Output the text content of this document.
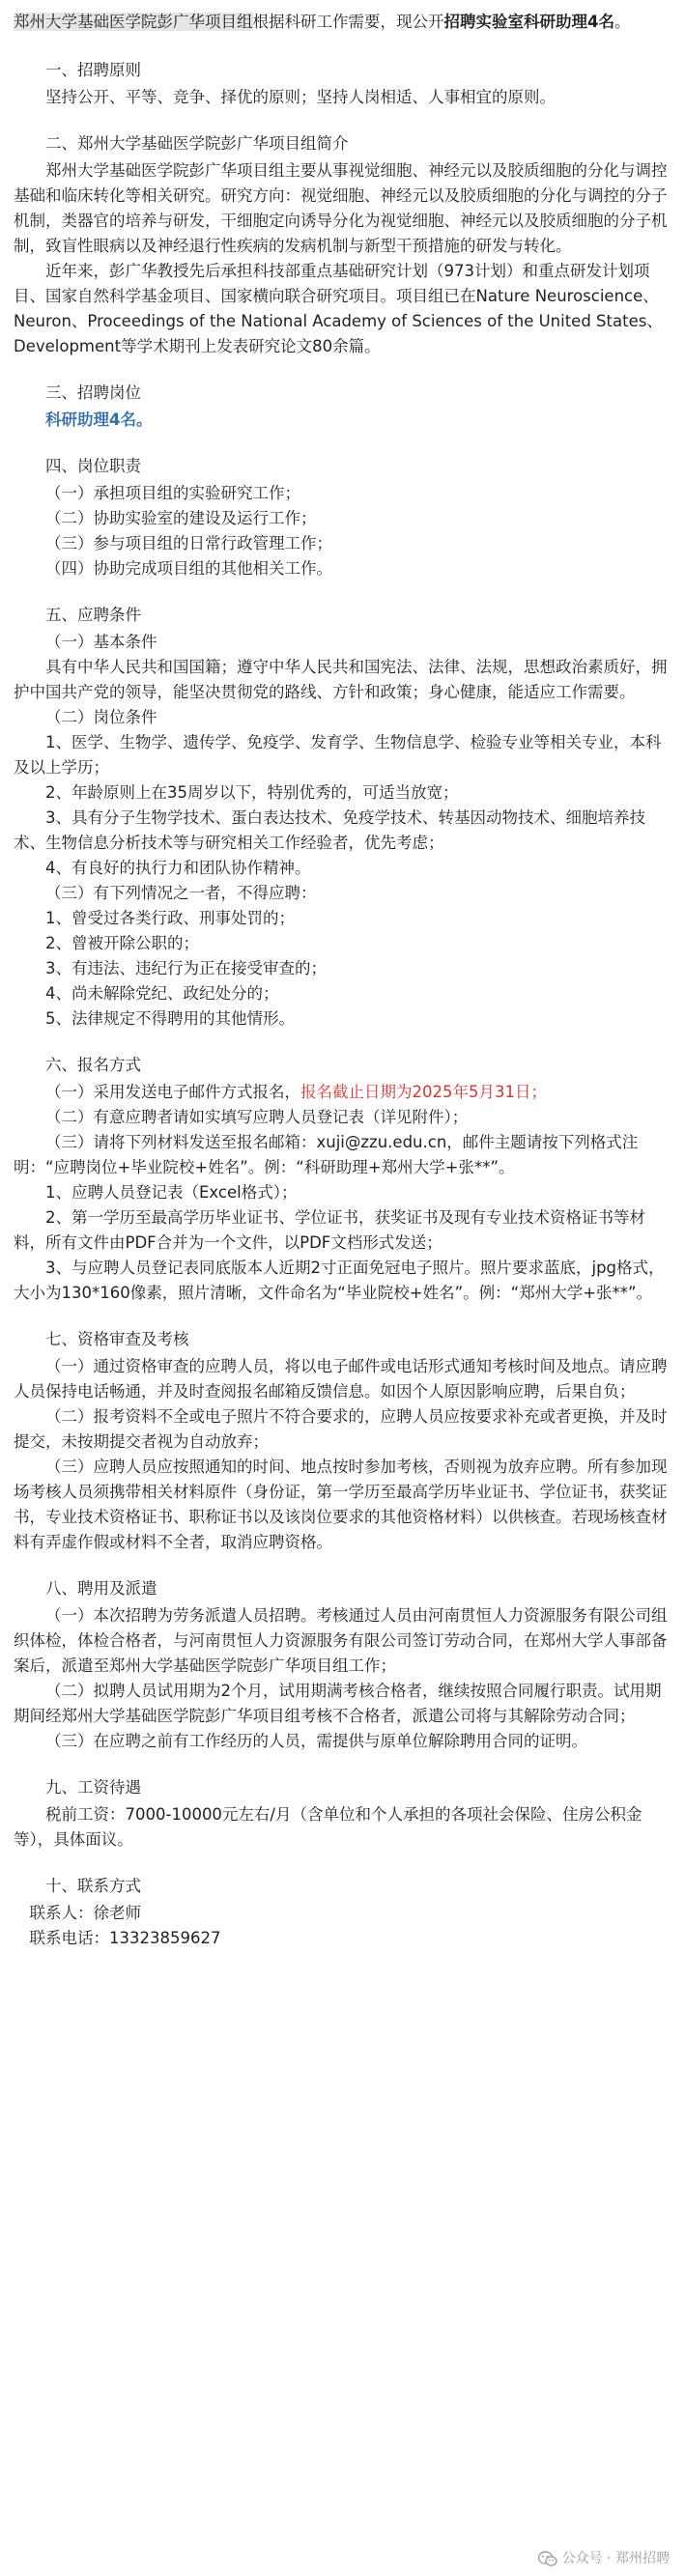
郑州大学基础医学院彭广华项目组根据科研工作需要，现公开招聘实验室科研助理4名。

一、招聘原则

坚持公开、平等、竞争、择优的原则；坚持人岗相适、人事相宜的原则。

二、郑州大学基础医学院彭广华项目组简介

郑州大学基础医学院彭广华项目组主要从事视觉细胞、神经元以及胶质细胞的分化与调控基础和临床转化等相关研究。研究方向：视觉细胞、神经元以及胶质细胞的分化与调控的分子机制，类器官的培养与研发，干细胞定向诱导分化为视觉细胞、神经元以及胶质细胞的分子机制，致盲性眼病以及神经退行性疾病的发病机制与新型干预措施的研发与转化。

近年来，彭广华教授先后承担科技部重点基础研究计划（973计划）和重点研发计划项目、国家自然科学基金项目、国家横向联合研究项目。项目组已在Nature Neuroscience、Neuron、Proceedings of the National Academy of Sciences of the United States、Development等学术期刊上发表研究论文80余篇。

三、招聘岗位

科研助理4名。

四、岗位职责

（一）承担项目组的实验研究工作；

（二）协助实验室的建设及运行工作；

（三）参与项目组的日常行政管理工作；

（四）协助完成项目组的其他相关工作。

五、应聘条件

（一）基本条件

具有中华人民共和国国籍；遵守中华人民共和国宪法、法律、法规，思想政治素质好，拥护中国共产党的领导，能坚决贯彻党的路线、方针和政策；身心健康，能适应工作需要。

（二）岗位条件

1、医学、生物学、遗传学、免疫学、发育学、生物信息学、检验专业等相关专业，本科及以上学历；

2、年龄原则上在35周岁以下，特别优秀的，可适当放宽；

3、具有分子生物学技术、蛋白表达技术、免疫学技术、转基因动物技术、细胞培养技术、生物信息分析技术等与研究相关工作经验者，优先考虑；

4、有良好的执行力和团队协作精神。

（三）有下列情况之一者，不得应聘：

1、曾受过各类行政、刑事处罚的；

2、曾被开除公职的；

3、有违法、违纪行为正在接受审查的；

4、尚未解除党纪、政纪处分的；

5、法律规定不得聘用的其他情形。

六、报名方式

（一）采用发送电子邮件方式报名，报名截止日期为2025年5月31日；

（二）有意应聘者请如实填写应聘人员登记表（详见附件）；

（三）请将下列材料发送至报名邮箱：xuji@zzu.edu.cn，邮件主题请按下列格式注明：“应聘岗位+毕业院校+姓名”。例：“科研助理+郑州大学+张**”。

1、应聘人员登记表（Excel格式）；

2、第一学历至最高学历毕业证书、学位证书，获奖证书及现有专业技术资格证书等材料，所有文件由PDF合并为一个文件，以PDF文档形式发送；

3、与应聘人员登记表同底版本人近期2寸正面免冠电子照片。照片要求蓝底，jpg格式，大小为130*160像素，照片清晰，文件命名为“毕业院校+姓名”。例：“郑州大学+张**”。

七、资格审查及考核

（一）通过资格审查的应聘人员，将以电子邮件或电话形式通知考核时间及地点。请应聘人员保持电话畅通，并及时查阅报名邮箱反馈信息。如因个人原因影响应聘，后果自负；

（二）报考资料不全或电子照片不符合要求的，应聘人员应按要求补充或者更换，并及时提交，未按期提交者视为自动放弃；

（三）应聘人员应按照通知的时间、地点按时参加考核，否则视为放弃应聘。所有参加现场考核人员须携带相关材料原件（身份证，第一学历至最高学历毕业证书、学位证书，获奖证书，专业技术资格证书、职称证书以及该岗位要求的其他资格材料）以供核查。若现场核查材料有弄虚作假或材料不全者，取消应聘资格。

八、聘用及派遣

（一）本次招聘为劳务派遣人员招聘。考核通过人员由河南贯恒人力资源服务有限公司组织体检，体检合格者，与河南贯恒人力资源服务有限公司签订劳动合同，在郑州大学人事部备案后，派遣至郑州大学基础医学院彭广华项目组工作；

（二）拟聘人员试用期为2个月，试用期满考核合格者，继续按照合同履行职责。试用期期间经郑州大学基础医学院彭广华项目组考核不合格者，派遣公司将与其解除劳动合同；

（三）在应聘之前有工作经历的人员，需提供与原单位解除聘用合同的证明。

九、工资待遇

税前工资：7000-10000元左右/月（含单位和个人承担的各项社会保险、住房公积金等），具体面议。

十、联系方式

联系人：徐老师

联系电话：13323859627

公众号 · 郑州招聘
